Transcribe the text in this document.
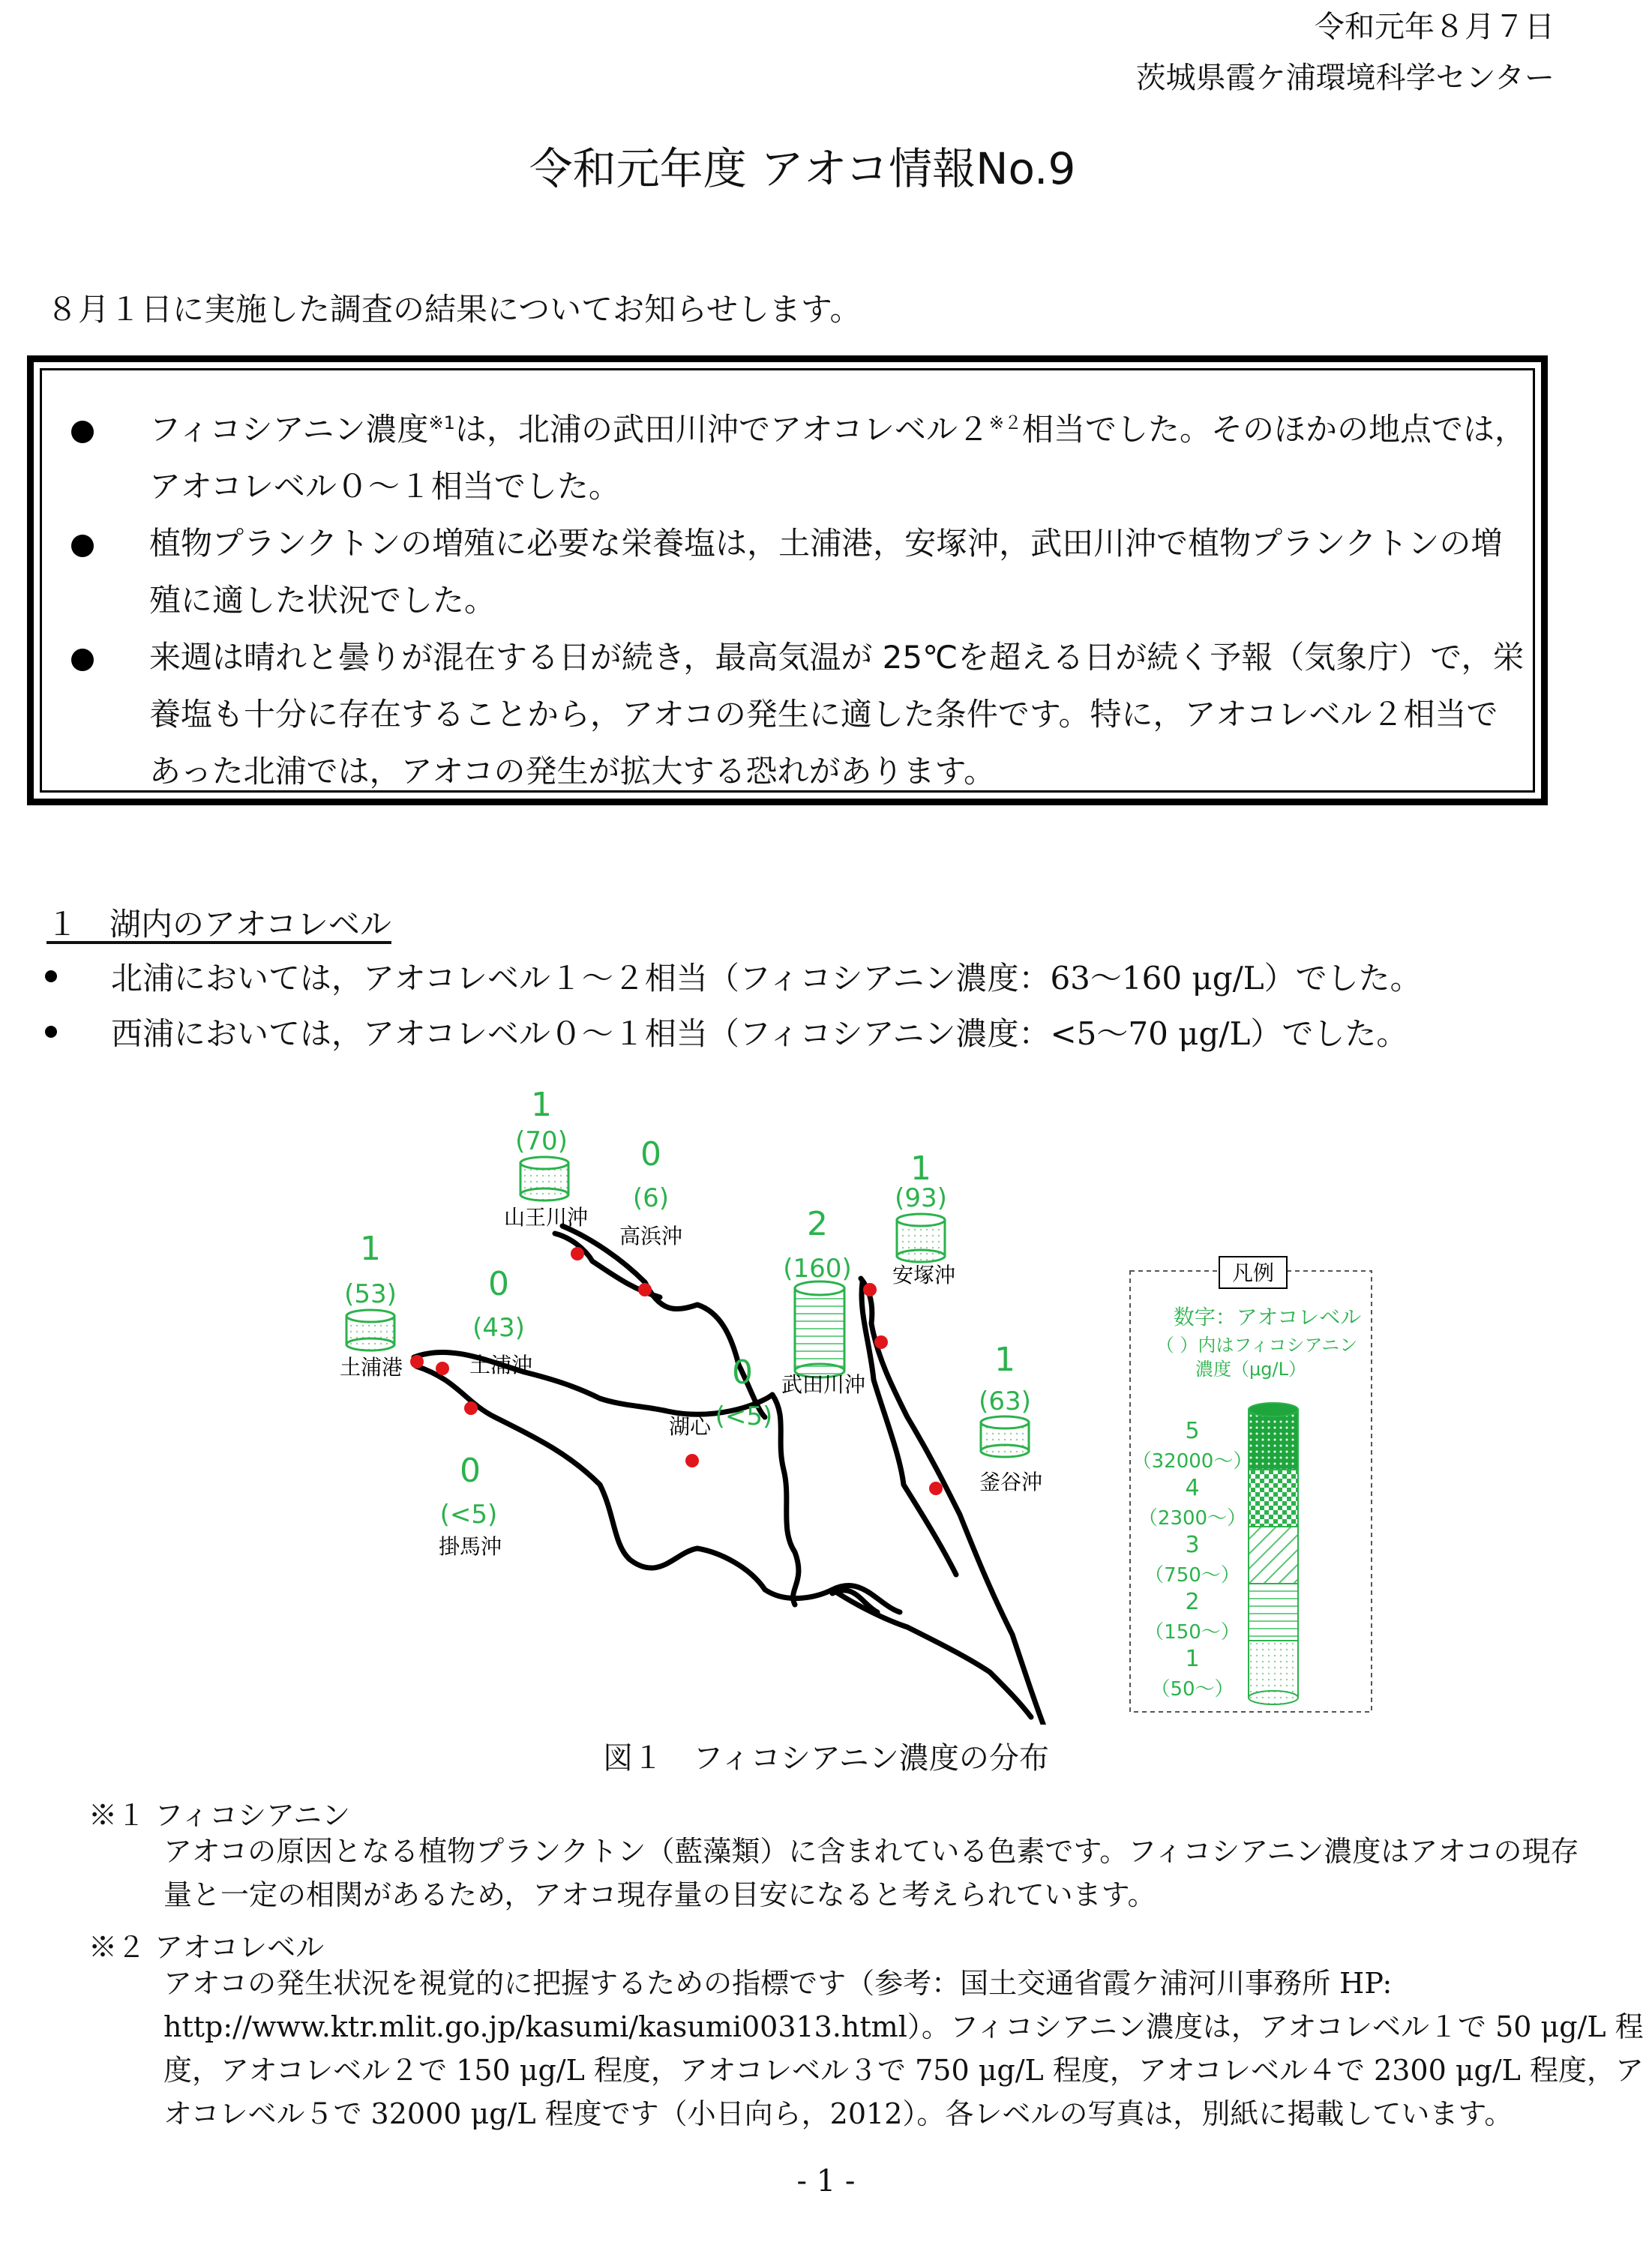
令和元年８月７日
茨城県霞ケ浦環境科学センター
令和元年度 アオコ情報No.9
８月１日に実施した調査の結果についてお知らせします。
フィコシアニン濃度$^{※1}$は，北浦の武田川沖でアオコレベル２$^{※2}$相当でした。そのほかの地点では，
アオコレベル０～１相当でした。
植物プランクトンの増殖に必要な栄養塩は，土浦港，安塚沖，武田川沖で植物プランクトンの増
殖に適した状況でした。
来週は晴れと曇りが混在する日が続き，最高気温が 25℃を超える日が続く予報（気象庁）で，栄
養塩も十分に存在することから，アオコの発生に適した条件です。特に，アオコレベル２相当で
あった北浦では，アオコの発生が拡大する恐れがあります。
１　湖内のアオコレベル
北浦においては，アオコレベル１～２相当（フィコシアニン濃度：63～160 μg/L）でした。
西浦においては，アオコレベル０～１相当（フィコシアニン濃度：<5～70 μg/L）でした。
1
(70)
山王川沖
0
(6)
高浜沖
1
(53)
土浦港
0
(43)
土浦沖
0
(<5)
掛馬沖
0
(<5)
湖心
2
(160)
武田川沖
1
(93)
安塚沖
1
(63)
釜谷沖
凡例
数字：アオコレベル
（ ）内はフィコシアニン
濃度（μg/L）
5
（32000～）
4
（2300～）
3
（750～）
2
（150～）
1
（50～）
図１　フィコシアニン濃度の分布
※１ フィコシアニン
アオコの原因となる植物プランクトン（藍藻類）に含まれている色素です。フィコシアニン濃度はアオコの現存
量と一定の相関があるため，アオコ現存量の目安になると考えられています。
※２ アオコレベル
アオコの発生状況を視覚的に把握するための指標です（参考：国土交通省霞ケ浦河川事務所 HP:
http://www.ktr.mlit.go.jp/kasumi/kasumi00313.html）。フィコシアニン濃度は，アオコレベル１で 50 μg/L 程
度，アオコレベル２で 150 μg/L 程度，アオコレベル３で 750 μg/L 程度，アオコレベル４で 2300 μg/L 程度，ア
オコレベル５で 32000 μg/L 程度です（小日向ら，2012）。各レベルの写真は，別紙に掲載しています。
- 1 -
